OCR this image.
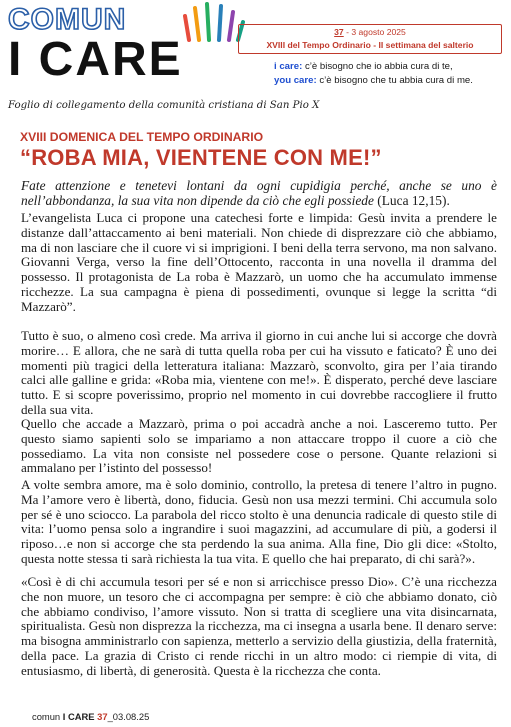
COMUN
I CARE
37 - 3 agosto 2025
XVIII del Tempo Ordinario - II settimana del salterio
i care: c’è bisogno che io abbia cura di te,
you care: c’è bisogno che tu abbia cura di me.
Foglio di collegamento della comunità cristiana di San Pio X
XVIII DOMENICA DEL TEMPO ORDINARIO
“ROBA MIA, VIENTENE CON ME!”
Fate attenzione e tenetevi lontani da ogni cupidigia perché, anche se uno è nell’abbondanza, la sua vita non dipende da ciò che egli possiede (Luca 12,15).
L’evangelista Luca ci propone una catechesi forte e limpida: Gesù invita a prendere le distanze dall’attaccamento ai beni materiali. Non chiede di disprezzare ciò che abbiamo, ma di non lasciare che il cuore vi si imprigioni. I beni della terra servono, ma non salvano. Giovanni Verga, verso la fine dell’Ottocento, racconta in una novella il dramma del possesso. Il protagonista de La roba è Mazzarò, un uomo che ha accumulato immense ricchezze. La sua campagna è piena di possedimenti, ovunque si legge la scritta “di Mazzarò”.
Tutto è suo, o almeno così crede. Ma arriva il giorno in cui anche lui si accorge che dovrà morire… E allora, che ne sarà di tutta quella roba per cui ha vissuto e faticato? È uno dei momenti più tragici della letteratura italiana: Mazzarò, sconvolto, gira per l’aia tirando calci alle galline e grida: «Roba mia, vientene con me!». È disperato, perché deve lasciare tutto. E si scopre poverissimo, proprio nel momento in cui dovrebbe raccogliere il frutto della sua vita.
Quello che accade a Mazzarò, prima o poi accadrà anche a noi. Lasceremo tutto. Per questo siamo sapienti solo se impariamo a non attaccare troppo il cuore a ciò che possediamo. La vita non consiste nel possedere cose o persone. Quante relazioni si ammalano per l’istinto del possesso!
A volte sembra amore, ma è solo dominio, controllo, la pretesa di tenere l’altro in pugno. Ma l’amore vero è libertà, dono, fiducia. Gesù non usa mezzi termini. Chi accumula solo per sé è uno sciocco. La parabola del ricco stolto è una denuncia radicale di questo stile di vita: l’uomo pensa solo a ingrandire i suoi magazzini, ad accumulare di più, a godersi il riposo…e non si accorge che sta perdendo la sua anima. Alla fine, Dio gli dice: «Stolto, questa notte stessa ti sarà richiesta la tua vita. E quello che hai preparato, di chi sarà?».
«Così è di chi accumula tesori per sé e non si arricchisce presso Dio». C’è una ricchezza che non muore, un tesoro che ci accompagna per sempre: è ciò che abbiamo donato, ciò che abbiamo condiviso, l’amore vissuto. Non si tratta di scegliere una vita disincarnata, spiritualista. Gesù non disprezza la ricchezza, ma ci insegna a usarla bene. Il denaro serve: ma bisogna amministrarlo con sapienza, metterlo a servizio della giustizia, della fraternità, della pace. La grazia di Cristo ci rende ricchi in un altro modo: ci riempie di vita, di entusiasmo, di libertà, di generosità. Questa è la ricchezza che conta.
comun I CARE 37_03.08.25
